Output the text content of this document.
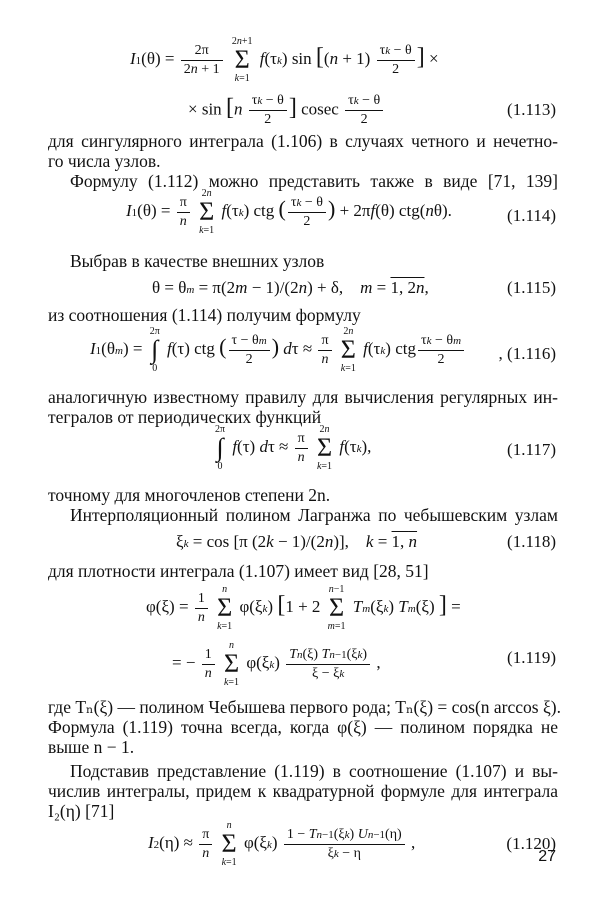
$I1(\theta) = \frac{2\pi}{2n + 1}$
2n+1
Σ
k=1
f(τk) $\sin [(n + 1) \frac{\tau k - \theta}{2}$ ] ×
× $\sin [n \frac{\tau k - \theta}{2}$ ] cosec $\frac{\tau k - \theta}{2}$	(1.113)
для сингулярного интеграла (1.106) в случаях четного и нечетно-
го числа узлов.
Формулу (1.112) можно представить также в виде [71, 139]
$I1(\theta) = \frac{\pi}{n}$
2n
Σ
k=1
f(τk) ctg ( $\frac{\tau k - \theta}{2}$ ) + 2πf(θ) ctg(nθ).	(1.114)
Выбрав в качестве внешних узлов
θ = θm = π(2m − 1)/(2n) + δ,    m = 1, 2n,	(1.115)
из соотношения (1.114) получим формулу
I1(θm) =
2π
∫
0
f(τ) ctg ( $\frac{\tau - \theta m}{2}$ ) $d\tau \approx \frac{\pi}{n}$
2n
Σ
k=1
f(τk) ctg $\frac{\tau k - \theta m}{2}$ , (1.116)
аналогичную известному правилу для вычисления регулярных ин-
тегралов от периодических функций
2π
∫
0
f(τ) $d\tau \approx \frac{\pi}{n}$
2n
Σ
k=1
f(τk),	(1.117)
точному для многочленов степени 2n.
Интерполяционный полином Лагранжа по чебышевским узлам
ξk = cos [π (2k − 1)/(2n)],    k = 1, n	(1.118)
для плотности интеграла (1.107) имеет вид [28, 51]
$\varphi(\xi) = \frac{1}{n}$
	n
Σ
k=1
φ(ξk) [1 + 2
n−1
Σ
m=1
Tm(ξk) Tm(ξ) ] =
= − $\frac{1}{n}$
	n
Σ
k=1
$\varphi(\xi k) \frac{Tn(\xi) Tn-1(\xi k)}{\xi - \xi k}$ ,	(1.119)
где Tₙ(ξ) — полином Чебышева первого рода; Tₙ(ξ) = cos(n arccos ξ).
Формула (1.119) точна всегда, когда φ(ξ) — полином порядка не
выше n − 1.
Подставив представление (1.119) в соотношение (1.107) и вы-
числив интегралы, придем к квадратурной формуле для интеграла
I₂(η) [71]
$I2(\eta) \approx \frac{\pi}{n}$
	n
Σ
k=1
$\varphi(\xi k) \frac{1 - Tn-1(\xi k) Un-1(\eta)}{\xi k - \eta}$ ,	(1.120)
27
